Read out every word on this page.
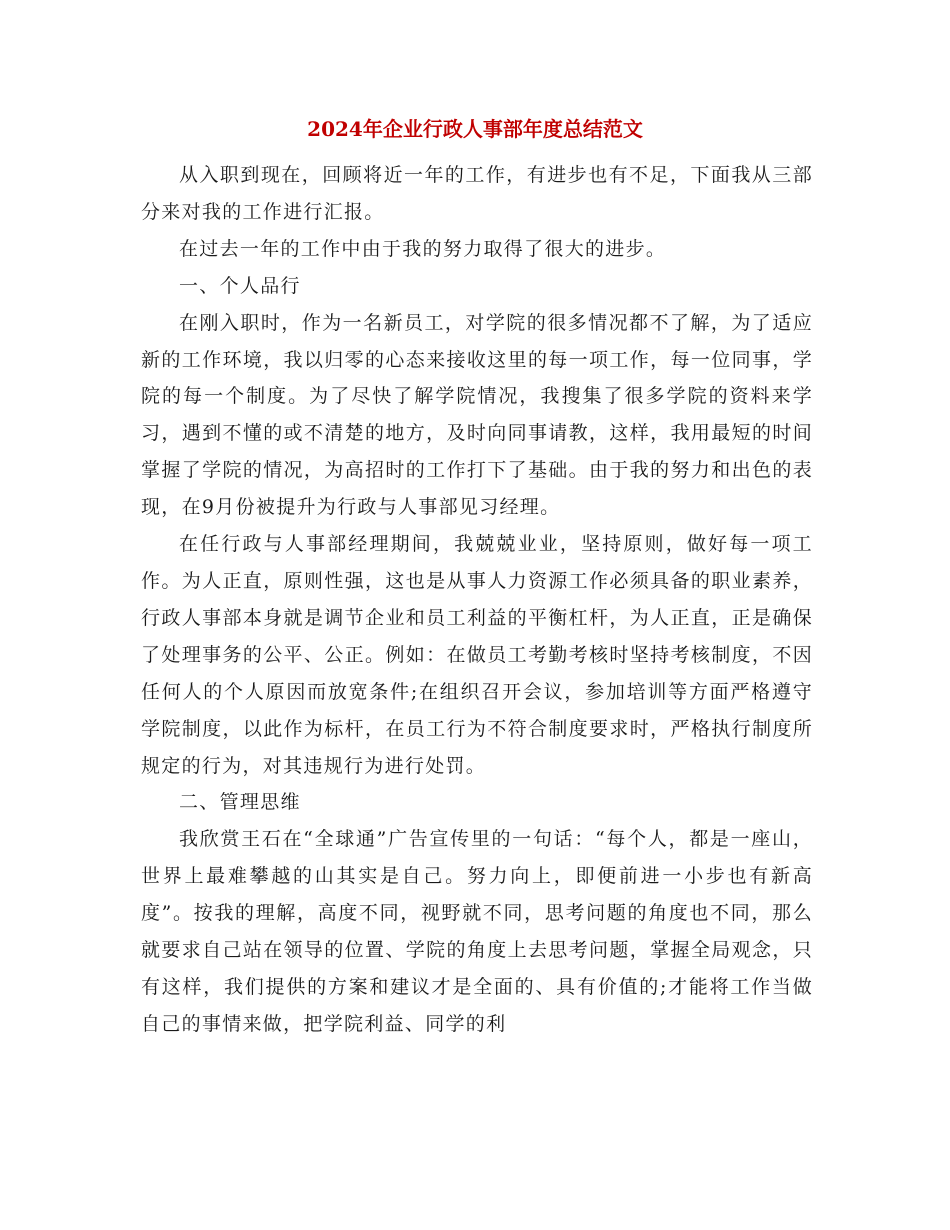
2024年企业行政人事部年度总结范文

从入职到现在，回顾将近一年的工作，有进步也有不足，下面我从三部分来对我的工作进行汇报。

在过去一年的工作中由于我的努力取得了很大的进步。

一、个人品行

在刚入职时，作为一名新员工，对学院的很多情况都不了解，为了适应新的工作环境，我以归零的心态来接收这里的每一项工作，每一位同事，学院的每一个制度。为了尽快了解学院情况，我搜集了很多学院的资料来学习，遇到不懂的或不清楚的地方，及时向同事请教，这样，我用最短的时间掌握了学院的情况，为高招时的工作打下了基础。由于我的努力和出色的表现，在9月份被提升为行政与人事部见习经理。

在任行政与人事部经理期间，我兢兢业业，坚持原则，做好每一项工作。为人正直，原则性强，这也是从事人力资源工作必须具备的职业素养，行政人事部本身就是调节企业和员工利益的平衡杠杆，为人正直，正是确保了处理事务的公平、公正。例如：在做员工考勤考核时坚持考核制度，不因任何人的个人原因而放宽条件;在组织召开会议，参加培训等方面严格遵守学院制度，以此作为标杆，在员工行为不符合制度要求时，严格执行制度所规定的行为，对其违规行为进行处罚。

二、管理思维

我欣赏王石在“全球通”广告宣传里的一句话：“每个人，都是一座山，世界上最难攀越的山其实是自己。努力向上，即便前进一小步也有新高度”。按我的理解，高度不同，视野就不同，思考问题的角度也不同，那么就要求自己站在领导的位置、学院的角度上去思考问题，掌握全局观念，只有这样，我们提供的方案和建议才是全面的、具有价值的;才能将工作当做自己的事情来做，把学院利益、同学的利
